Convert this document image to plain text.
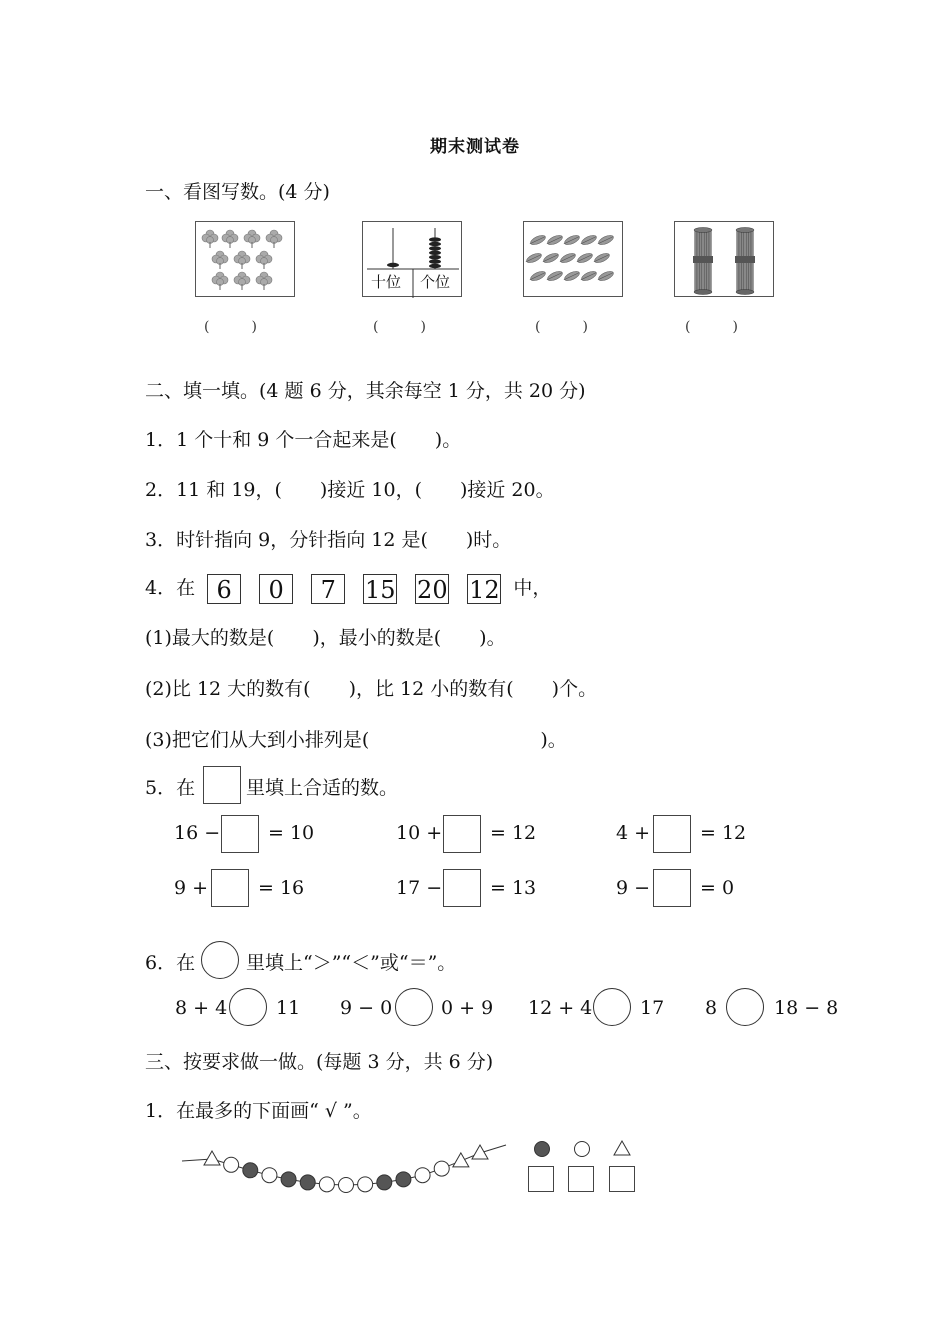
期末测试卷
一、看图写数。(4 分)
十位 个位
(　　　)	(　　　)	(　　　)	(　　　)
二、填一填。(4 题 6 分，其余每空 1 分，共 20 分)
1．1 个十和 9 个一合起来是(　　)。
2．11 和 19，(　　)接近 10，(　　)接近 20。
3．时针指向 9，分针指向 12 是(　　)时。
4．在 6 0 7 15 20 12 中，
(1)最大的数是(　　)，最小的数是(　　)。
(2)比 12 大的数有(　　)，比 12 小的数有(　　)个。
(3)把它们从大到小排列是(　　　　　　　　　)。
5．在	里填上合适的数。
16 −	= 10	10 +	= 12	4 +	= 12
9 +	= 16	17 −	= 13	9 −	= 0
6．在	里填上“＞”“＜”或“＝”。
8 + 4	11 9 − 0	0 + 9 12 + 4	17 8	18 − 8
三、按要求做一做。(每题 3 分，共 6 分)
1．在最多的下面画“ √ ”。
